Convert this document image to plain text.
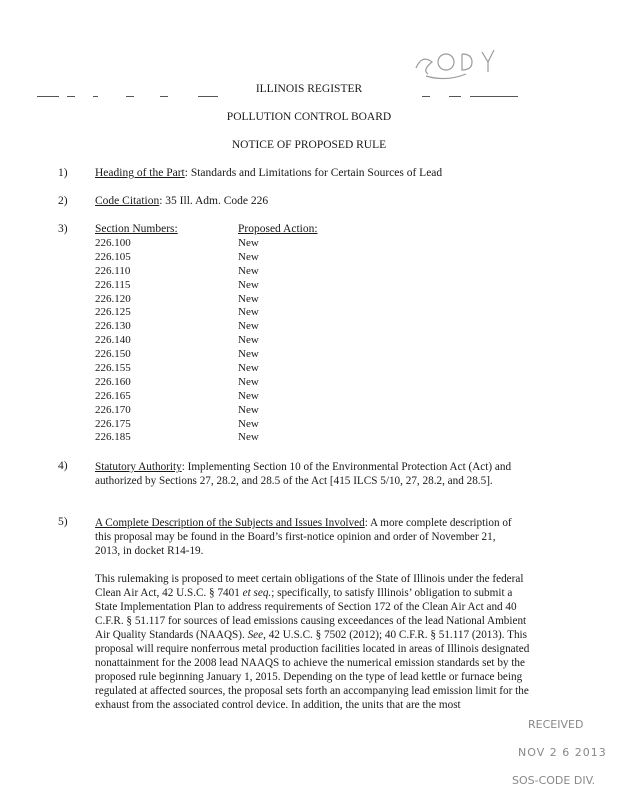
ILLINOIS REGISTER
POLLUTION CONTROL BOARD
NOTICE OF PROPOSED RULE
1) Heading of the Part: Standards and Limitations for Certain Sources of Lead
2) Code Citation: 35 Ill. Adm. Code 226
3) Section Numbers:	Proposed Action:
226.100
226.105
226.110
226.115
226.120
226.125
226.130
226.140
226.150
226.155
226.160
226.165
226.170
226.175
226.185
New
New
New
New
New
New
New
New
New
New
New
New
New
New
New
4) Statutory Authority: Implementing Section 10 of the Environmental Protection Act (Act) and authorized by Sections 27, 28.2, and 28.5 of the Act [415 ILCS 5/10, 27, 28.2, and 28.5].

5) A Complete Description of the Subjects and Issues Involved: A more complete description of this proposal may be found in the Board’s first-notice opinion and order of November 21, 2013, in docket R14-19.

This rulemaking is proposed to meet certain obligations of the State of Illinois under the federal Clean Air Act, 42 U.S.C. § 7401 et seq.; specifically, to satisfy Illinois’ obligation to submit a State Implementation Plan to address requirements of Section 172 of the Clean Air Act and 40 C.F.R. § 51.117 for sources of lead emissions causing exceedances of the lead National Ambient Air Quality Standards (NAAQS). See, 42 U.S.C. § 7502 (2012); 40 C.F.R. § 51.117 (2013). This proposal will require nonferrous metal production facilities located in areas of Illinois designated nonattainment for the 2008 lead NAAQS to achieve the numerical emission standards set by the proposed rule beginning January 1, 2015. Depending on the type of lead kettle or furnace being regulated at affected sources, the proposal sets forth an accompanying lead emission limit for the exhaust from the associated control device. In addition, the units that are the most

RECEIVED
NOV 2 6 2013
SOS-CODE DIV.
